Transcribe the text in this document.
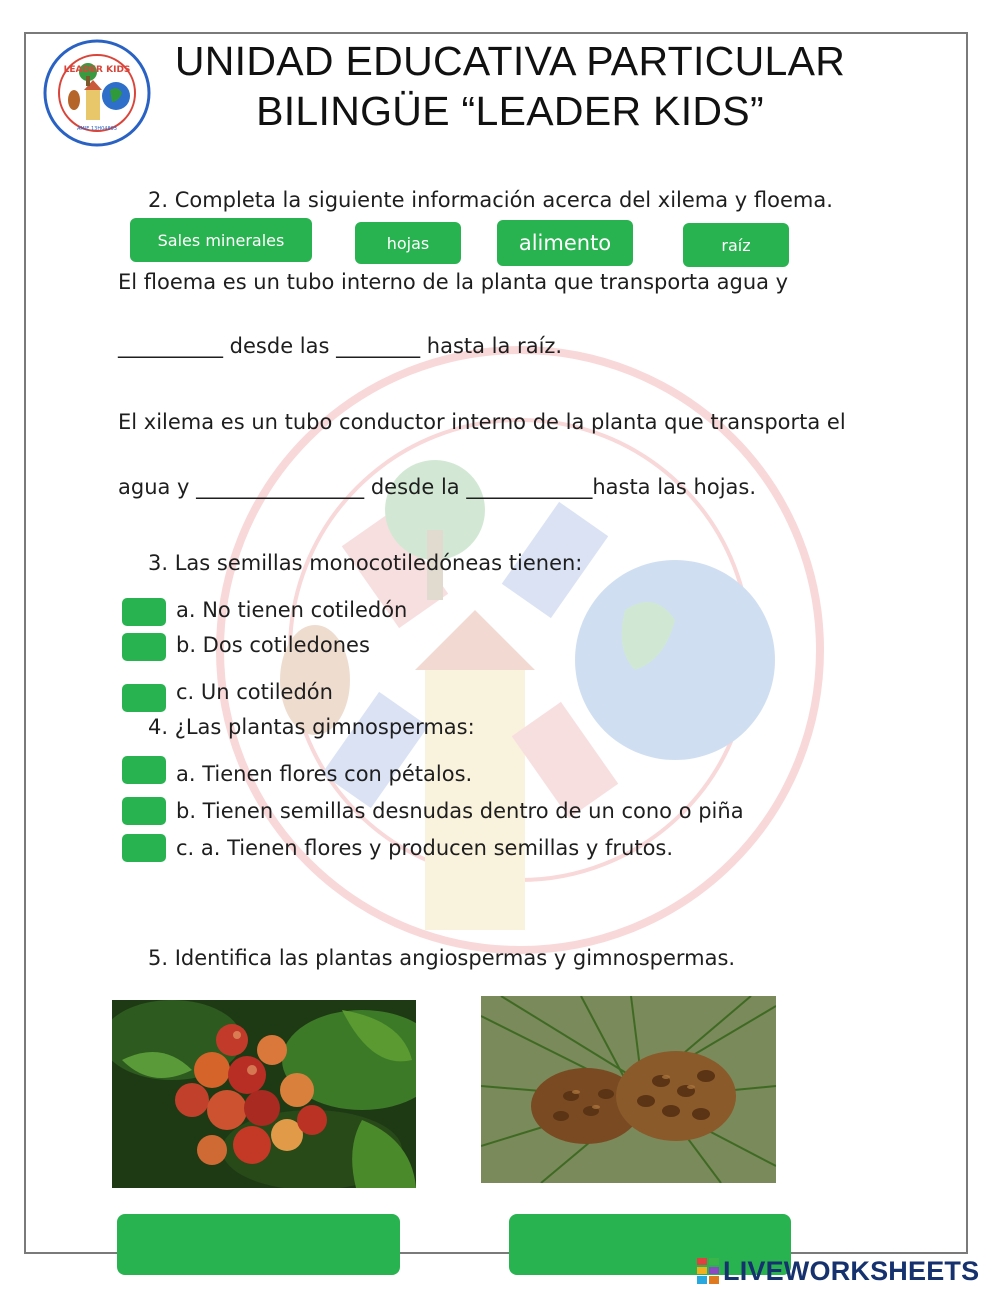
LEADER KIDS
AMIE 13H04893
UNIDAD EDUCATIVA PARTICULAR
BILINGÜE “LEADER KIDS”
2. Completa la siguiente información acerca del xilema y floema.
Sales minerales	hojas	alimento	raíz
El floema es un tubo interno de la planta que transporta agua y
__________ desde las ________ hasta la raíz.
El xilema es un tubo conductor interno de la planta que transporta el
agua y ________________ desde la ____________hasta las hojas.
3. Las semillas monocotiledóneas tienen:
a. No tienen cotiledón
b. Dos cotiledones
c. Un cotiledón
4. ¿Las plantas gimnospermas:
a. Tienen flores con pétalos.
b. Tienen semillas desnudas dentro de un cono o piña
c. a. Tienen flores y producen semillas y frutos.
5. Identifica las plantas angiospermas y gimnospermas.
LIVEWORKSHEETS
